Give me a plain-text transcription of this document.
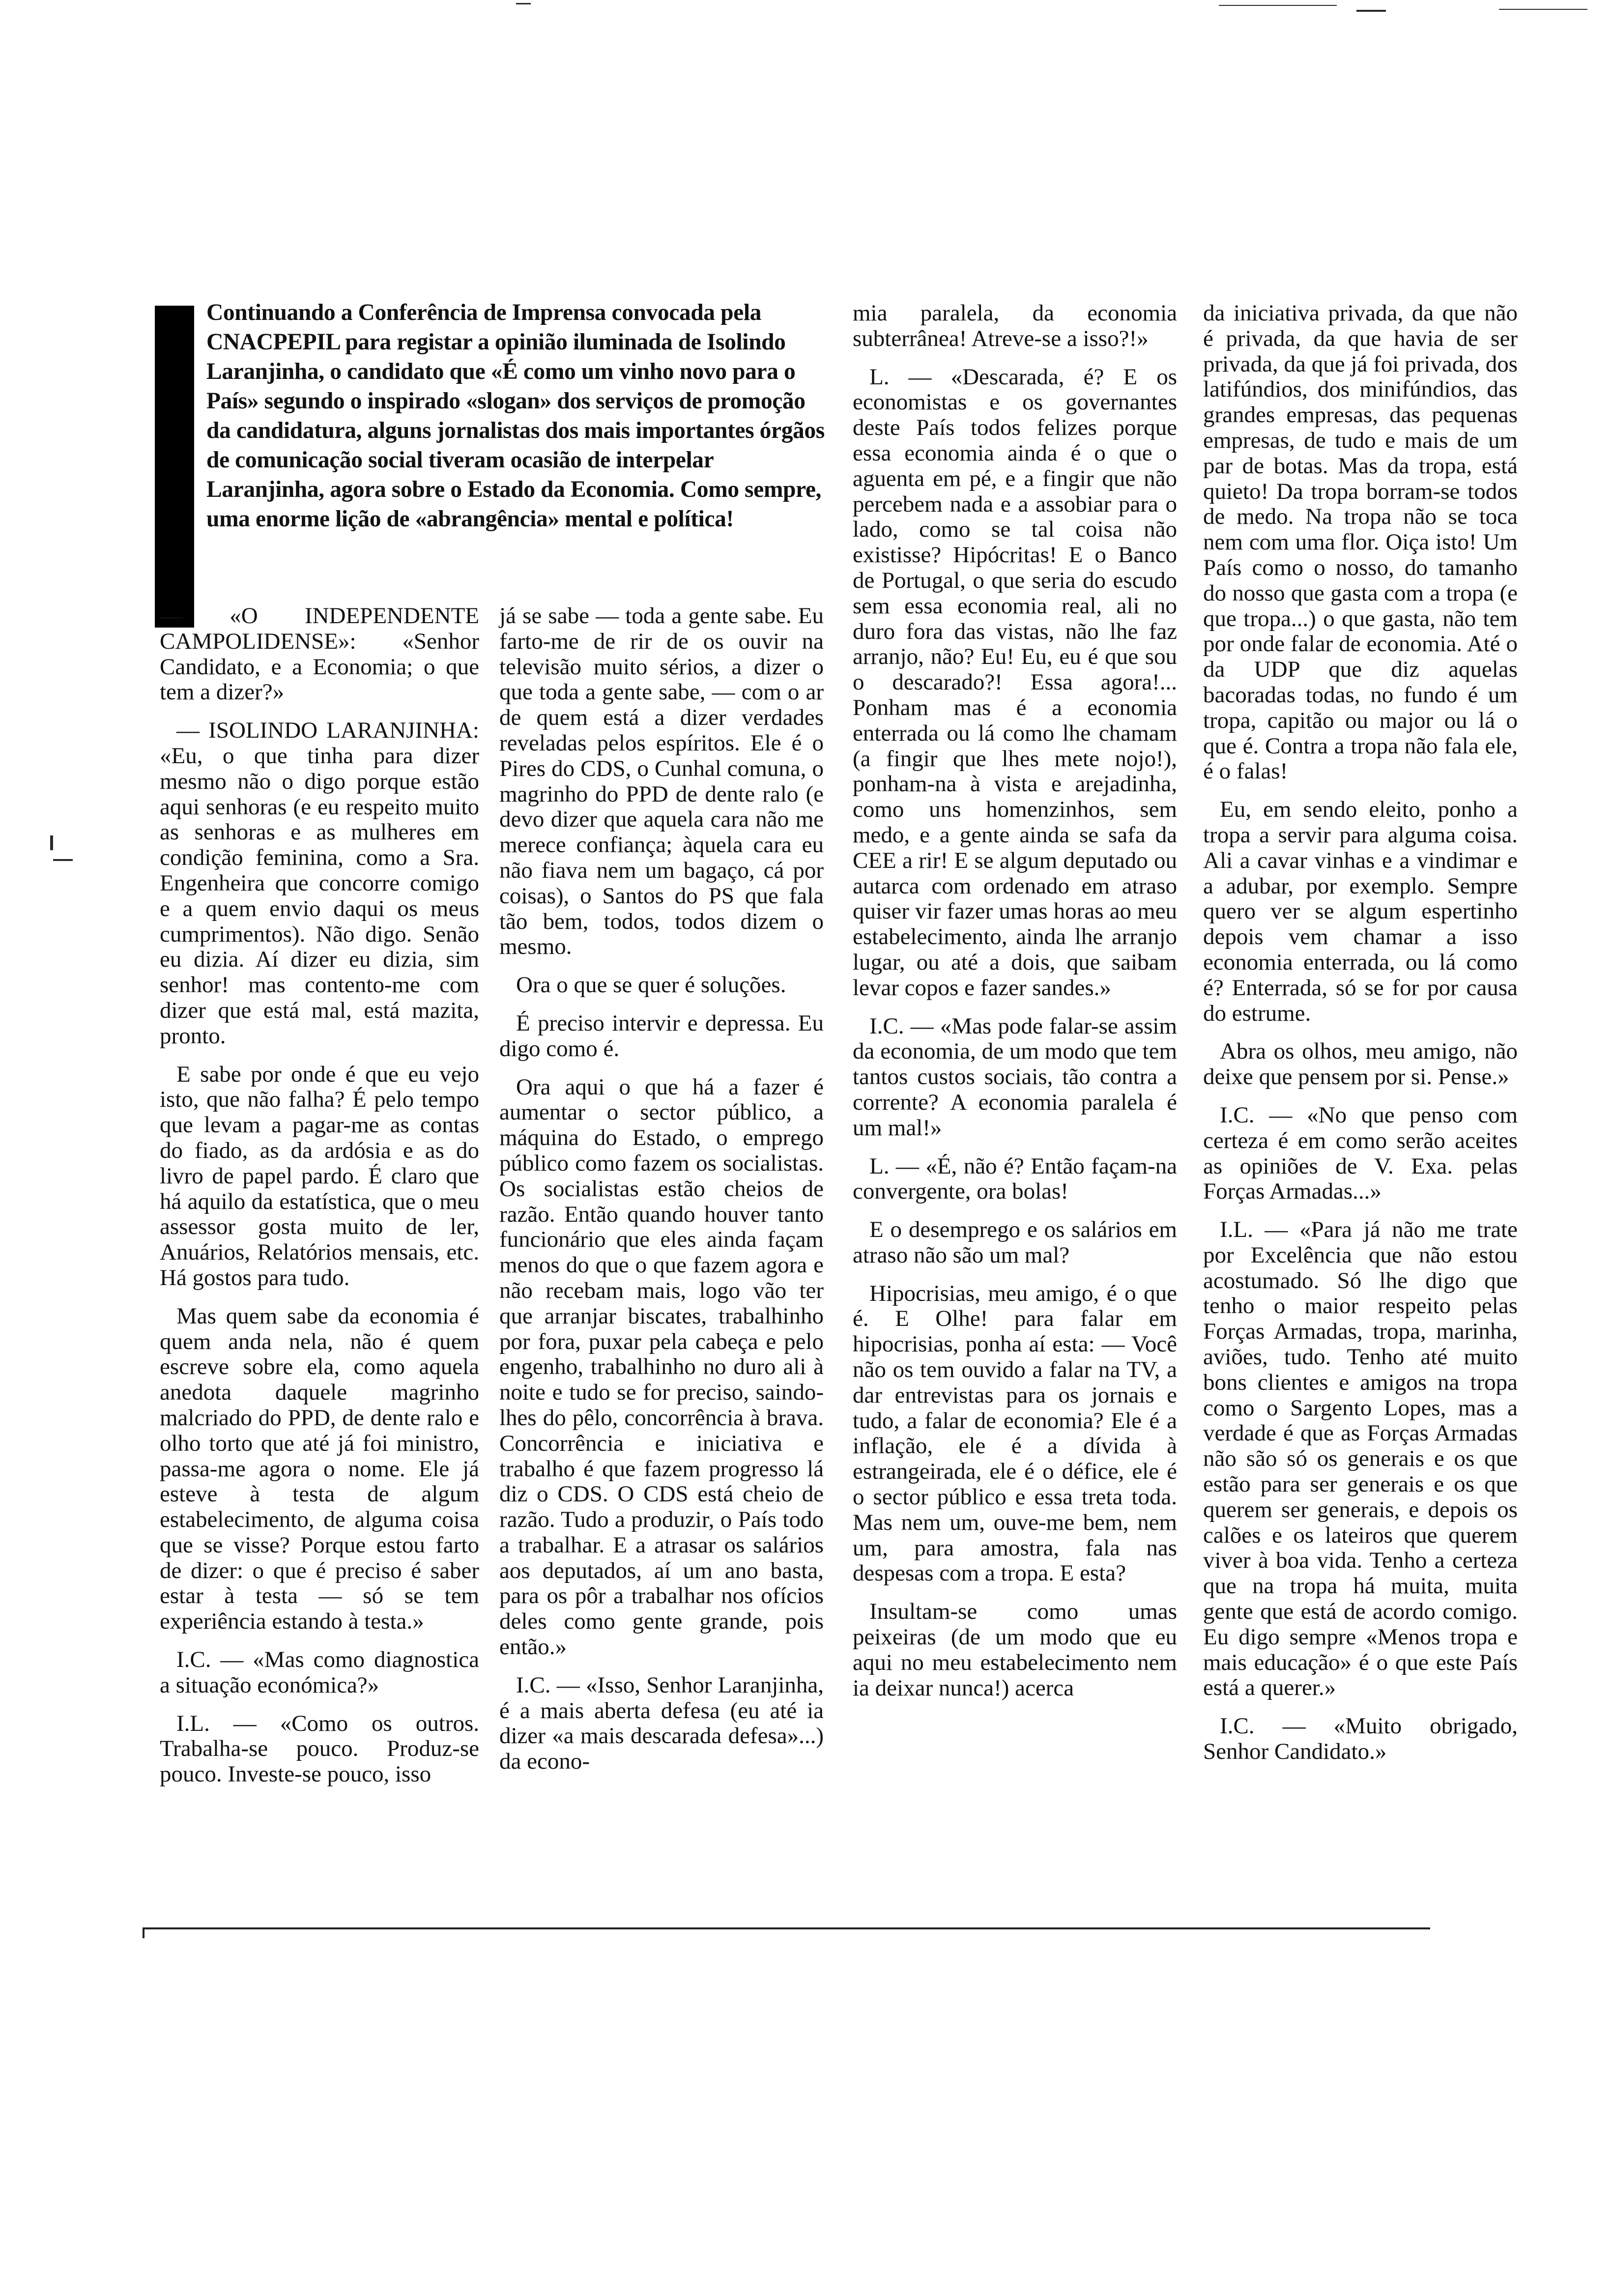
Continuando a Conferência de Imprensa convocada pela CNACPEPIL para registar a opinião iluminada de Isolindo Laranjinha, o candidato que «É como um vinho novo para o País» segundo o inspirado «slogan» dos serviços de promoção da candidatura, alguns jornalistas dos mais importantes órgãos de comunicação social tiveram ocasião de interpelar Laranjinha, agora sobre o Estado da Economia. Como sempre, uma enorme lição de «abrangência» mental e política!

— «O INDEPENDENTE CAMPOLIDENSE»: «Senhor Candidato, e a Economia; o que tem a dizer?»

— ISOLINDO LARANJINHA: «Eu, o que tinha para dizer mesmo não o digo porque estão aqui senhoras (e eu respeito muito as senhoras e as mulheres em condição feminina, como a Sra. Engenheira que concorre comigo e a quem envio daqui os meus cumprimentos). Não digo. Senão eu dizia. Aí dizer eu dizia, sim senhor! mas contento-me com dizer que está mal, está mazita, pronto.

E sabe por onde é que eu vejo isto, que não falha? É pelo tempo que levam a pagar-me as contas do fiado, as da ardósia e as do livro de papel pardo. É claro que há aquilo da estatística, que o meu assessor gosta muito de ler, Anuários, Relatórios mensais, etc. Há gostos para tudo.

Mas quem sabe da economia é quem anda nela, não é quem escreve sobre ela, como aquela anedota daquele magrinho malcriado do PPD, de dente ralo e olho torto que até já foi ministro, passa-me agora o nome. Ele já esteve à testa de algum estabelecimento, de alguma coisa que se visse? Porque estou farto de dizer: o que é preciso é saber estar à testa — só se tem experiência estando à testa.»

I.C. — «Mas como diagnostica a situação económica?»

I.L. — «Como os outros. Trabalha-se pouco. Produz-se pouco. Investe-se pouco, isso

já se sabe — toda a gente sabe. Eu farto-me de rir de os ouvir na televisão muito sérios, a dizer o que toda a gente sabe, — com o ar de quem está a dizer verdades reveladas pelos espíritos. Ele é o Pires do CDS, o Cunhal comuna, o magrinho do PPD de dente ralo (e devo dizer que aquela cara não me merece confiança; àquela cara eu não fiava nem um bagaço, cá por coisas), o Santos do PS que fala tão bem, todos, todos dizem o mesmo.

Ora o que se quer é soluções.

É preciso intervir e depressa. Eu digo como é.

Ora aqui o que há a fazer é aumentar o sector público, a máquina do Estado, o emprego público como fazem os socialistas. Os socialistas estão cheios de razão. Então quando houver tanto funcionário que eles ainda façam menos do que o que fazem agora e não recebam mais, logo vão ter que arranjar biscates, trabalhinho por fora, puxar pela cabeça e pelo engenho, trabalhinho no duro ali à noite e tudo se for preciso, saindo-lhes do pêlo, concorrência à brava. Concorrência e iniciativa e trabalho é que fazem progresso lá diz o CDS. O CDS está cheio de razão. Tudo a produzir, o País todo a trabalhar. E a atrasar os salários aos deputados, aí um ano basta, para os pôr a trabalhar nos ofícios deles como gente grande, pois então.»

I.C. — «Isso, Senhor Laranjinha, é a mais aberta defesa (eu até ia dizer «a mais descarada defesa»...) da econo-

mia paralela, da economia subterrânea! Atreve-se a isso?!»

L. — «Descarada, é? E os economistas e os governantes deste País todos felizes porque essa economia ainda é o que o aguenta em pé, e a fingir que não percebem nada e a assobiar para o lado, como se tal coisa não existisse? Hipócritas! E o Banco de Portugal, o que seria do escudo sem essa economia real, ali no duro fora das vistas, não lhe faz arranjo, não? Eu! Eu, eu é que sou o descarado?! Essa agora!... Ponham mas é a economia enterrada ou lá como lhe chamam (a fingir que lhes mete nojo!), ponham-na à vista e arejadinha, como uns homenzinhos, sem medo, e a gente ainda se safa da CEE a rir! E se algum deputado ou autarca com ordenado em atraso quiser vir fazer umas horas ao meu estabelecimento, ainda lhe arranjo lugar, ou até a dois, que saibam levar copos e fazer sandes.»

I.C. — «Mas pode falar-se assim da economia, de um modo que tem tantos custos sociais, tão contra a corrente? A economia paralela é um mal!»

L. — «É, não é? Então façam-na convergente, ora bolas!

E o desemprego e os salários em atraso não são um mal?

Hipocrisias, meu amigo, é o que é. E Olhe! para falar em hipocrisias, ponha aí esta: — Você não os tem ouvido a falar na TV, a dar entrevistas para os jornais e tudo, a falar de economia? Ele é a inflação, ele é a dívida à estrangeirada, ele é o défice, ele é o sector público e essa treta toda. Mas nem um, ouve-me bem, nem um, para amostra, fala nas despesas com a tropa. E esta?

Insultam-se como umas peixeiras (de um modo que eu aqui no meu estabelecimento nem ia deixar nunca!) acerca

da iniciativa privada, da que não é privada, da que havia de ser privada, da que já foi privada, dos latifúndios, dos minifúndios, das grandes empresas, das pequenas empresas, de tudo e mais de um par de botas. Mas da tropa, está quieto! Da tropa borram-se todos de medo. Na tropa não se toca nem com uma flor. Oiça isto! Um País como o nosso, do tamanho do nosso que gasta com a tropa (e que tropa...) o que gasta, não tem por onde falar de economia. Até o da UDP que diz aquelas bacoradas todas, no fundo é um tropa, capitão ou major ou lá o que é. Contra a tropa não fala ele, é o falas!

Eu, em sendo eleito, ponho a tropa a servir para alguma coisa. Ali a cavar vinhas e a vindimar e a adubar, por exemplo. Sempre quero ver se algum espertinho depois vem chamar a isso economia enterrada, ou lá como é? Enterrada, só se for por causa do estrume.

Abra os olhos, meu amigo, não deixe que pensem por si. Pense.»

I.C. — «No que penso com certeza é em como serão aceites as opiniões de V. Exa. pelas Forças Armadas...»

I.L. — «Para já não me trate por Excelência que não estou acostumado. Só lhe digo que tenho o maior respeito pelas Forças Armadas, tropa, marinha, aviões, tudo. Tenho até muito bons clientes e amigos na tropa como o Sargento Lopes, mas a verdade é que as Forças Armadas não são só os generais e os que estão para ser generais e os que querem ser generais, e depois os calões e os lateiros que querem viver à boa vida. Tenho a certeza que na tropa há muita, muita gente que está de acordo comigo. Eu digo sempre «Menos tropa e mais educação» é o que este País está a querer.»

I.C. — «Muito obrigado, Senhor Candidato.»
